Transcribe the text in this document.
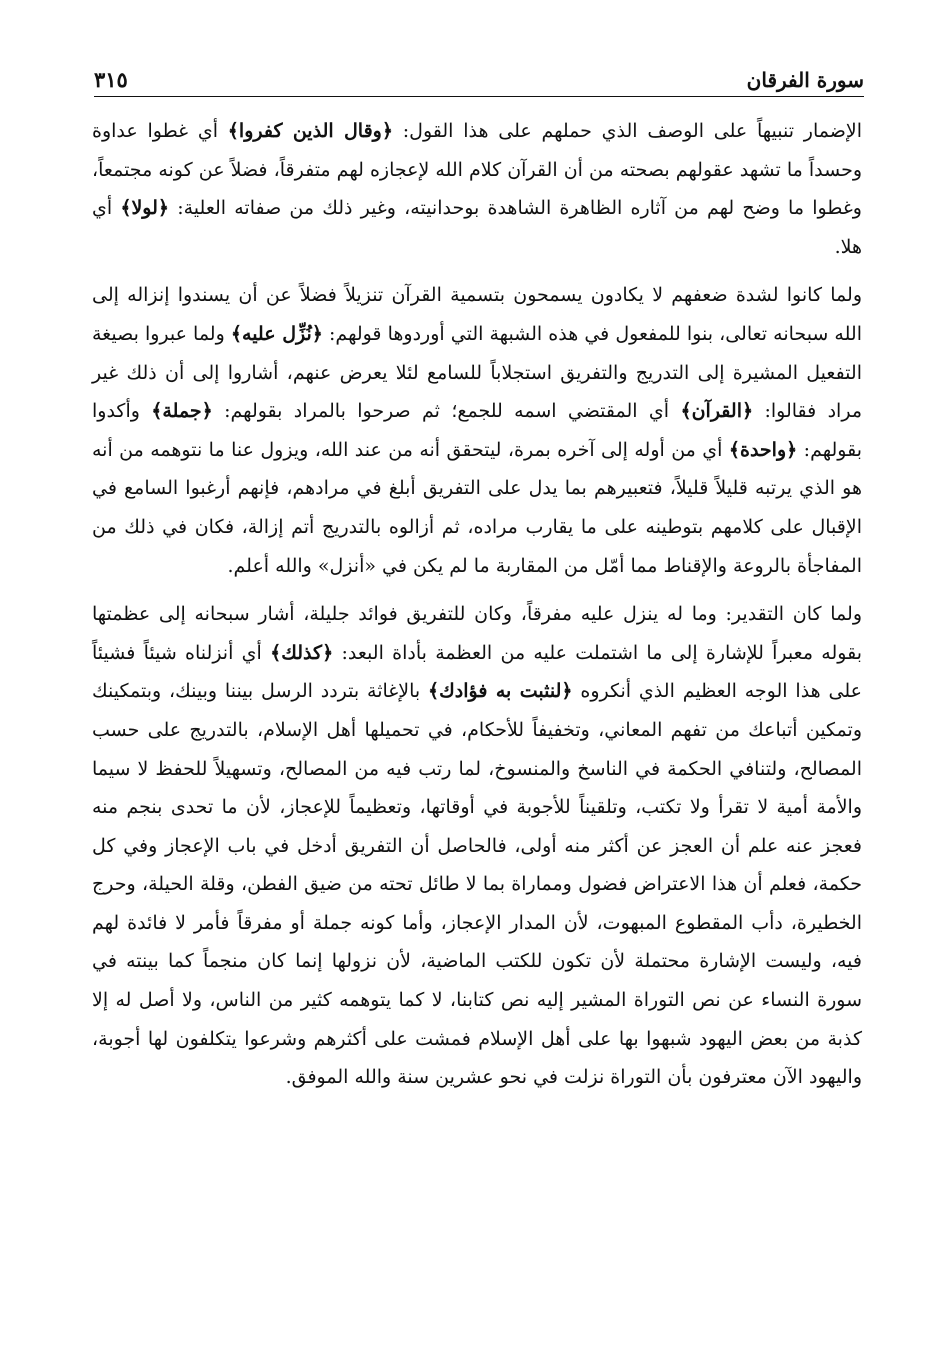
سورة الفرقان
٣١٥

الإضمار تنبيهاً على الوصف الذي حملهم على هذا القول: ﴿وقال الذين كفروا﴾ أي غطوا عداوة وحسداً ما تشهد عقولهم بصحته من أن القرآن كلام الله لإعجازه لهم متفرقاً، فضلاً عن كونه مجتمعاً، وغطوا ما وضح لهم من آثاره الظاهرة الشاهدة بوحدانيته، وغير ذلك من صفاته العلية: ﴿لولا﴾ أي هلا.

ولما كانوا لشدة ضعفهم لا يكادون يسمحون بتسمية القرآن تنزيلاً فضلاً عن أن يسندوا إنزاله إلى الله سبحانه تعالى، بنوا للمفعول في هذه الشبهة التي أوردوها قولهم: ﴿نُزِّل عليه﴾ ولما عبروا بصيغة التفعيل المشيرة إلى التدريج والتفريق استجلاباً للسامع لئلا يعرض عنهم، أشاروا إلى أن ذلك غير مراد فقالوا: ﴿القرآن﴾ أي المقتضي اسمه للجمع؛ ثم صرحوا بالمراد بقولهم: ﴿جملة﴾ وأكدوا بقولهم: ﴿واحدة﴾ أي من أوله إلى آخره بمرة، ليتحقق أنه من عند الله، ويزول عنا ما نتوهمه من أنه هو الذي يرتبه قليلاً قليلاً، فتعبيرهم بما يدل على التفريق أبلغ في مرادهم، فإنهم أرغبوا السامع في الإقبال على كلامهم بتوطينه على ما يقارب مراده، ثم أزالوه بالتدريج أتم إزالة، فكان في ذلك من المفاجأة بالروعة والإقناط مما أمّل من المقاربة ما لم يكن في «أنزل» والله أعلم.

ولما كان التقدير: وما له ينزل عليه مفرقاً، وكان للتفريق فوائد جليلة، أشار سبحانه إلى عظمتها بقوله معبراً للإشارة إلى ما اشتملت عليه من العظمة بأداة البعد: ﴿كذلك﴾ أي أنزلناه شيئاً فشيئاً على هذا الوجه العظيم الذي أنكروه ﴿لنثبت به فؤادك﴾ بالإغاثة بتردد الرسل بيننا وبينك، وبتمكينك وتمكين أتباعك من تفهم المعاني، وتخفيفاً للأحكام، في تحميلها أهل الإسلام، بالتدريج على حسب المصالح، ولتنافي الحكمة في الناسخ والمنسوخ، لما رتب فيه من المصالح، وتسهيلاً للحفظ لا سيما والأمة أمية لا تقرأ ولا تكتب، وتلقيناً للأجوبة في أوقاتها، وتعظيماً للإعجاز، لأن ما تحدى بنجم منه فعجز عنه علم أن العجز عن أكثر منه أولى، فالحاصل أن التفريق أدخل في باب الإعجاز وفي كل حكمة، فعلم أن هذا الاعتراض فضول ومماراة بما لا طائل تحته من ضيق الفطن، وقلة الحيلة، وحرج الخطيرة، دأب المقطوع المبهوت، لأن المدار الإعجاز، وأما كونه جملة أو مفرقاً فأمر لا فائدة لهم فيه، وليست الإشارة محتملة لأن تكون للكتب الماضية، لأن نزولها إنما كان منجماً كما بينته في سورة النساء عن نص التوراة المشير إليه نص كتابنا، لا كما يتوهمه كثير من الناس، ولا أصل له إلا كذبة من بعض اليهود شبهوا بها على أهل الإسلام فمشت على أكثرهم وشرعوا يتكلفون لها أجوبة، واليهود الآن معترفون بأن التوراة نزلت في نحو عشرين سنة والله الموفق.
